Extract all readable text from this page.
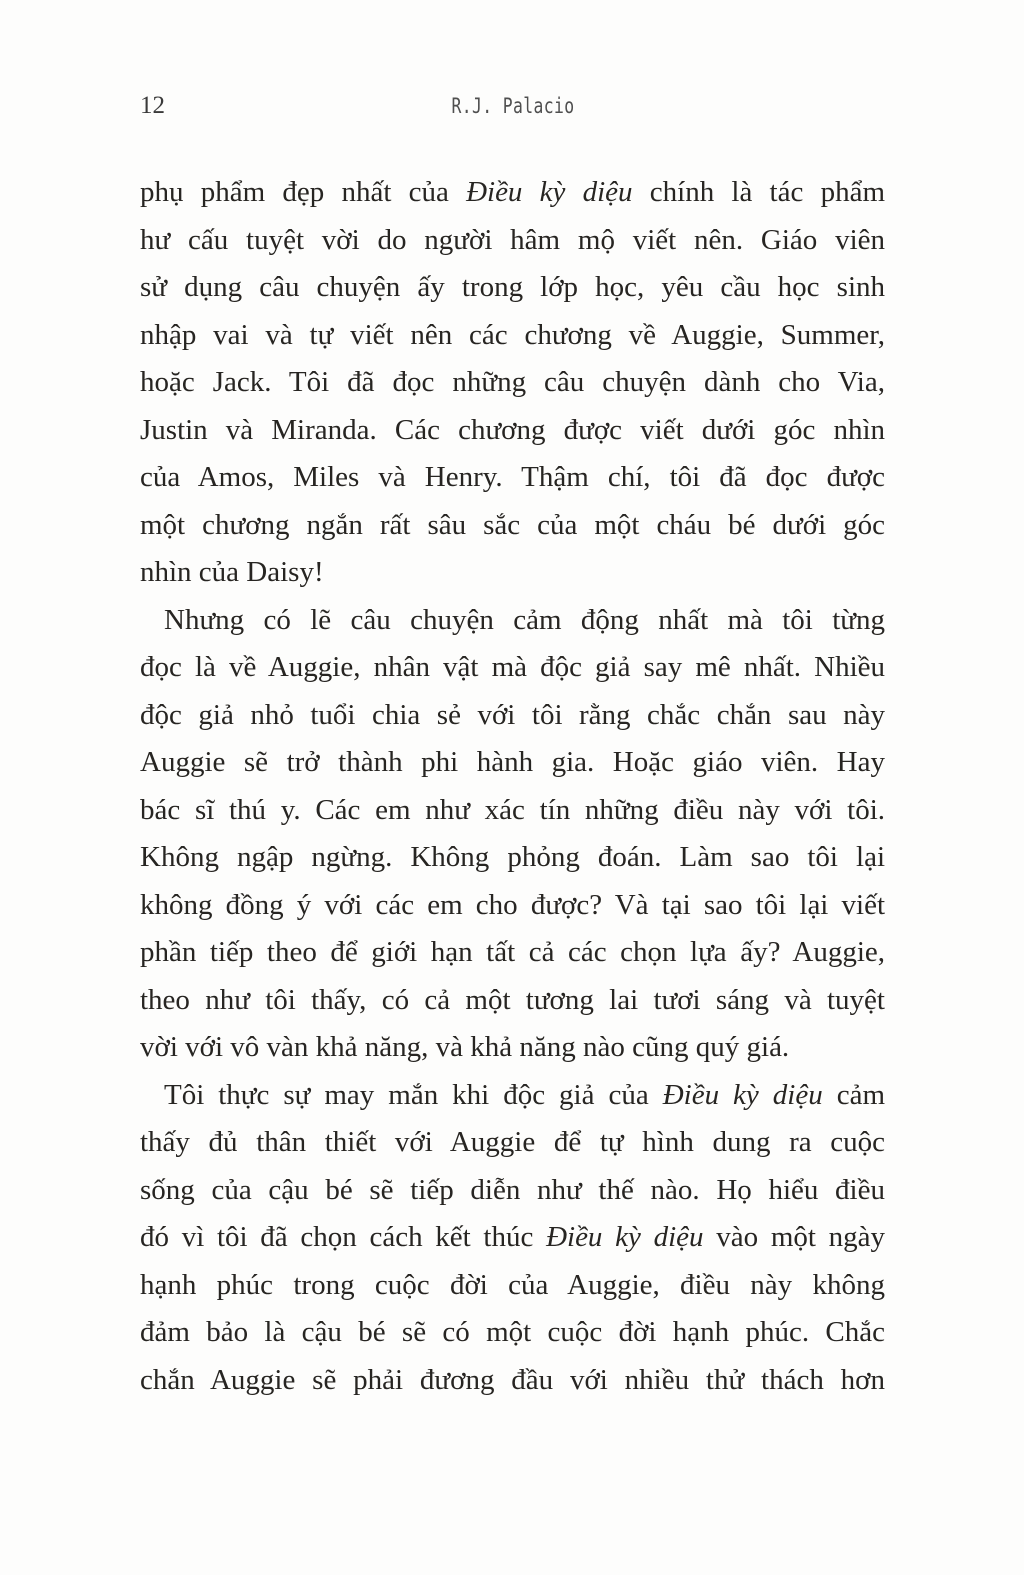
12	R.J. Palacio
phụ phẩm đẹp nhất của Điều kỳ diệu chính là tác phẩm
hư cấu tuyệt vời do người hâm mộ viết nên. Giáo viên
sử dụng câu chuyện ấy trong lớp học, yêu cầu học sinh
nhập vai và tự viết nên các chương về Auggie, Summer,
hoặc Jack. Tôi đã đọc những câu chuyện dành cho Via,
Justin và Miranda. Các chương được viết dưới góc nhìn
của Amos, Miles và Henry. Thậm chí, tôi đã đọc được
một chương ngắn rất sâu sắc của một cháu bé dưới góc
nhìn của Daisy!
Nhưng có lẽ câu chuyện cảm động nhất mà tôi từng
đọc là về Auggie, nhân vật mà độc giả say mê nhất. Nhiều
độc giả nhỏ tuổi chia sẻ với tôi rằng chắc chắn sau này
Auggie sẽ trở thành phi hành gia. Hoặc giáo viên. Hay
bác sĩ thú y. Các em như xác tín những điều này với tôi.
Không ngập ngừng. Không phỏng đoán. Làm sao tôi lại
không đồng ý với các em cho được? Và tại sao tôi lại viết
phần tiếp theo để giới hạn tất cả các chọn lựa ấy? Auggie,
theo như tôi thấy, có cả một tương lai tươi sáng và tuyệt
vời với vô vàn khả năng, và khả năng nào cũng quý giá.
Tôi thực sự may mắn khi độc giả của Điều kỳ diệu cảm
thấy đủ thân thiết với Auggie để tự hình dung ra cuộc
sống của cậu bé sẽ tiếp diễn như thế nào. Họ hiểu điều
đó vì tôi đã chọn cách kết thúc Điều kỳ diệu vào một ngày
hạnh phúc trong cuộc đời của Auggie, điều này không
đảm bảo là cậu bé sẽ có một cuộc đời hạnh phúc. Chắc
chắn Auggie sẽ phải đương đầu với nhiều thử thách hơn
